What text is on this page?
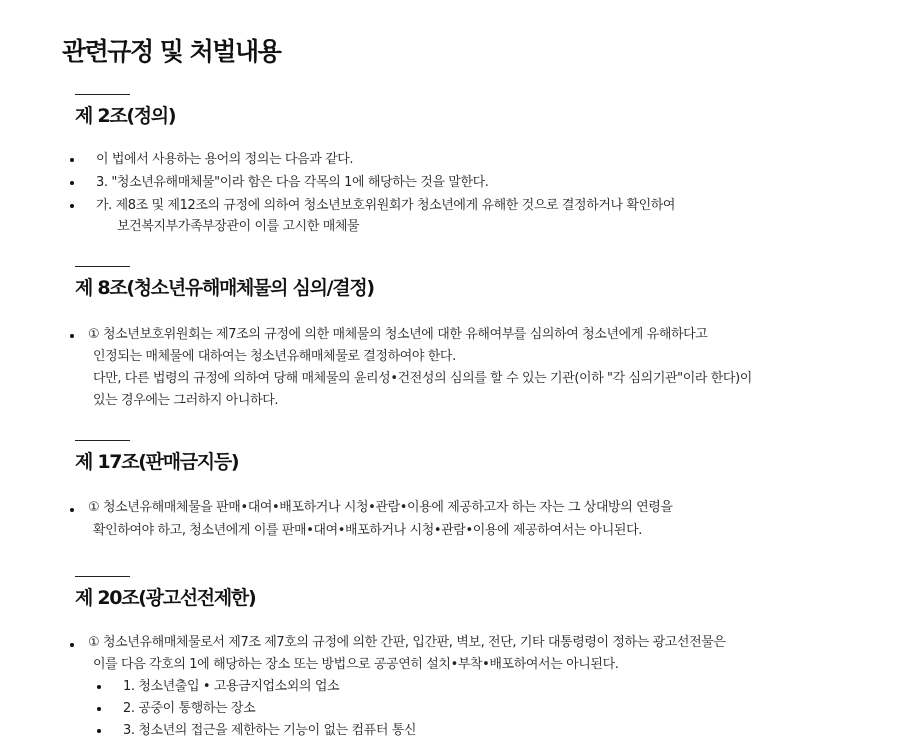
관련규정 및 처벌내용
제 2조(정의)
이 법에서 사용하는 용어의 정의는 다음과 같다.
3. "청소년유해매체물"이라 함은 다음 각목의 1에 해당하는 것을 말한다.
가. 제8조 및 제12조의 규정에 의하여 청소년보호위원회가 청소년에게 유해한 것으로 결정하거나 확인하여
보건복지부가족부장관이 이를 고시한 매체물
제 8조(청소년유해매체물의 심의/결정)
① 청소년보호위원회는 제7조의 규정에 의한 매체물의 청소년에 대한 유해여부를 심의하여 청소년에게 유해하다고
인정되는 매체물에 대하여는 청소년유해매체물로 결정하여야 한다.
다만, 다른 법령의 규정에 의하여 당해 매체물의 윤리성•건전성의 심의를 할 수 있는 기관(이하 "각 심의기관"이라 한다)이
있는 경우에는 그러하지 아니하다.
제 17조(판매금지등)
① 청소년유해매체물을 판매•대여•배포하거나 시청•관람•이용에 제공하고자 하는 자는 그 상대방의 연령을
확인하여야 하고, 청소년에게 이를 판매•대여•배포하거나 시청•관람•이용에 제공하여서는 아니된다.
제 20조(광고선전제한)
① 청소년유해매체물로서 제7조 제7호의 규정에 의한 간판, 입간판, 벽보, 전단, 기타 대통령령이 정하는 광고선전물은
이를 다음 각호의 1에 해당하는 장소 또는 방법으로 공공연히 설치•부착•배포하여서는 아니된다.
1. 청소년출입 • 고용금지업소외의 업소
2. 공중이 통행하는 장소
3. 청소년의 접근을 제한하는 기능이 없는 컴퓨터 통신
